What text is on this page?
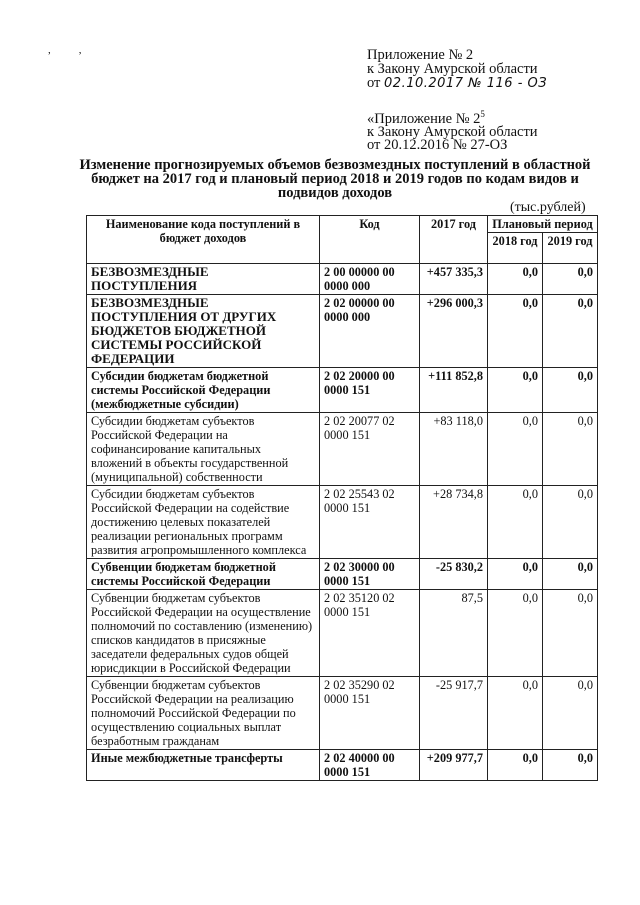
,,	Приложение № 2
к Закону Амурской области
от 02.10.2017 № 116 - ОЗ
«Приложение № $2^5$
к Закону Амурской области
от 20.12.2016 № 27-ОЗ
Изменение прогнозируемых объемов безвозмездных поступлений в областной бюджет на 2017 год и плановый период 2018 и 2019 годов по кодам видов и подвидов доходов
(тыс.рублей)
Наименование кода поступлений в бюджет доходов	Код	2017 год	Плановый период	
			2018 год	2019 год
БЕЗВОЗМЕЗДНЫЕ ПОСТУПЛЕНИЯ	2 00 00000 00 0000 000	+457 335,3	0,0	0,0
БЕЗВОЗМЕЗДНЫЕ ПОСТУПЛЕНИЯ ОТ ДРУГИХ БЮДЖЕТОВ БЮДЖЕТНОЙ СИСТЕМЫ РОССИЙСКОЙ ФЕДЕРАЦИИ	2 02 00000 00 0000 000	+296 000,3	0,0	0,0
Субсидии бюджетам бюджетной системы Российской Федерации (межбюджетные субсидии)	2 02 20000 00 0000 151	+111 852,8	0,0	0,0
Субсидии бюджетам субъектов Российской Федерации на софинансирование капитальных вложений в объекты государственной (муниципальной) собственности	2 02 20077 02 0000 151	+83 118,0	0,0	0,0
Субсидии бюджетам субъектов Российской Федерации на содействие достижению целевых показателей реализации региональных программ развития агропромышленного комплекса	2 02 25543 02 0000 151	+28 734,8	0,0	0,0
Субвенции бюджетам бюджетной системы Российской Федерации	2 02 30000 00 0000 151	-25 830,2	0,0	0,0
Субвенции бюджетам субъектов Российской Федерации на осуществление полномочий по составлению (изменению) списков кандидатов в присяжные заседатели федеральных судов общей юрисдикции в Российской Федерации	2 02 35120 02 0000 151	87,5	0,0	0,0
Субвенции бюджетам субъектов Российской Федерации на реализацию полномочий Российской Федерации по осуществлению социальных выплат безработным гражданам	2 02 35290 02 0000 151	-25 917,7	0,0	0,0
Иные межбюджетные трансферты	2 02 40000 00 0000 151	+209 977,7	0,0	0,0
